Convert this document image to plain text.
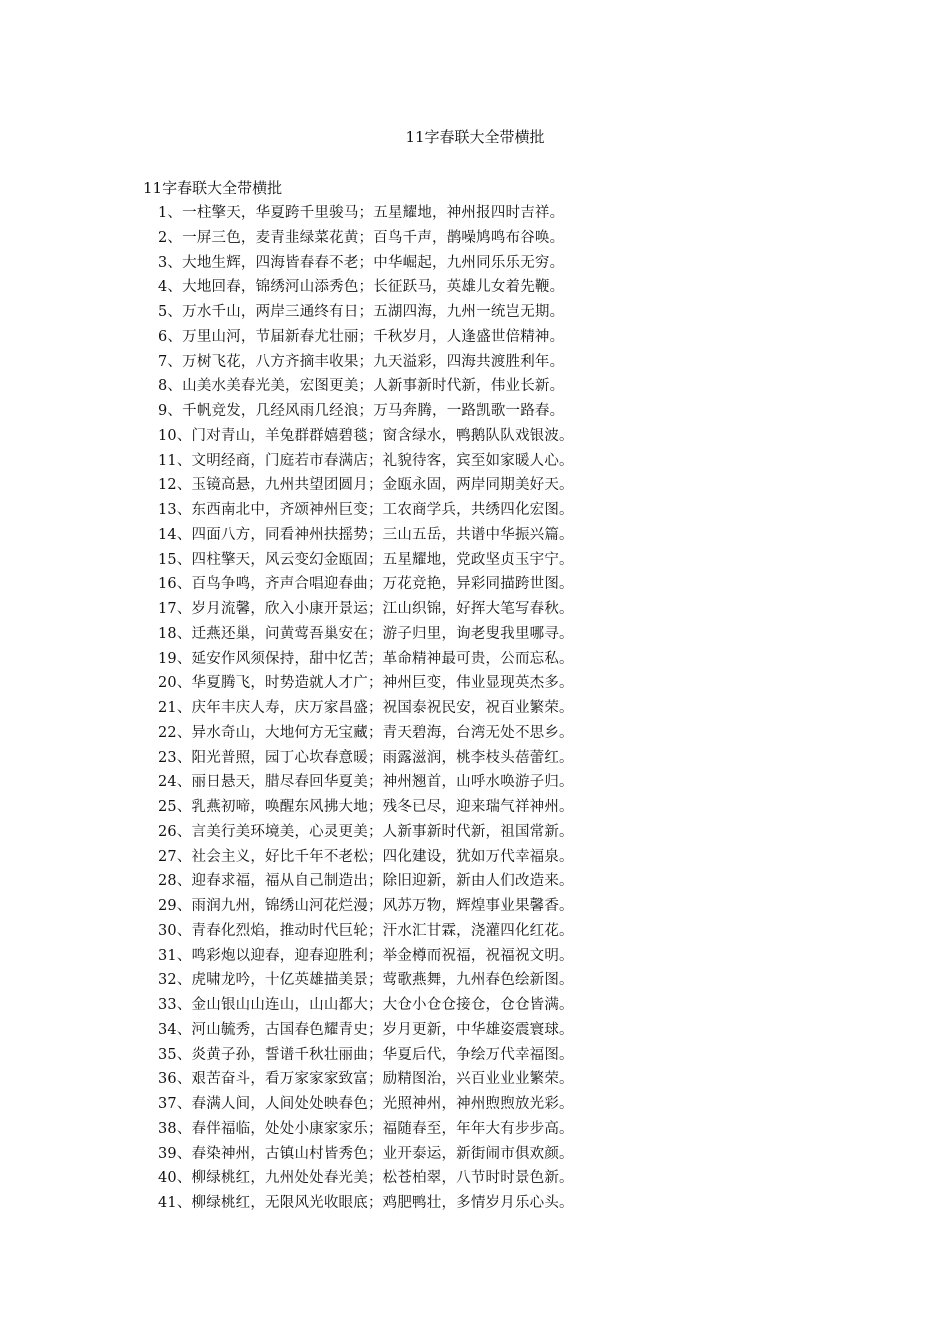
11字春联大全带横批
11字春联大全带横批
1、一柱擎天，华夏跨千里骏马；五星耀地，神州报四时吉祥。
2、一屏三色，麦青韭绿菜花黄；百鸟千声，鹊噪鸠鸣布谷唤。
3、大地生辉，四海皆春春不老；中华崛起，九州同乐乐无穷。
4、大地回春，锦绣河山添秀色；长征跃马，英雄儿女着先鞭。
5、万水千山，两岸三通终有日；五湖四海，九州一统岂无期。
6、万里山河，节届新春尤壮丽；千秋岁月，人逢盛世倍精神。
7、万树飞花，八方齐摘丰收果；九天溢彩，四海共渡胜利年。
8、山美水美春光美，宏图更美；人新事新时代新，伟业长新。
9、千帆竞发，几经风雨几经浪；万马奔腾，一路凯歌一路春。
10、门对青山，羊兔群群嬉碧毯；窗含绿水，鸭鹅队队戏银波。
11、文明经商，门庭若市春满店；礼貌待客，宾至如家暖人心。
12、玉镜高悬，九州共望团圆月；金瓯永固，两岸同期美好天。
13、东西南北中，齐颂神州巨变；工农商学兵，共绣四化宏图。
14、四面八方，同看神州扶摇势；三山五岳，共谱中华振兴篇。
15、四柱擎天，风云变幻金瓯固；五星耀地，党政坚贞玉宇宁。
16、百鸟争鸣，齐声合唱迎春曲；万花竞艳，异彩同描跨世图。
17、岁月流馨，欣入小康开景运；江山织锦，好挥大笔写春秋。
18、迁燕还巢，问黄莺吾巢安在；游子归里，询老叟我里哪寻。
19、延安作风须保持，甜中忆苦；革命精神最可贵，公而忘私。
20、华夏腾飞，时势造就人才广；神州巨变，伟业显现英杰多。
21、庆年丰庆人寿，庆万家昌盛；祝国泰祝民安，祝百业繁荣。
22、异水奇山，大地何方无宝藏；青天碧海，台湾无处不思乡。
23、阳光普照，园丁心坎春意暖；雨露滋润，桃李枝头蓓蕾红。
24、丽日悬天，腊尽春回华夏美；神州翘首，山呼水唤游子归。
25、乳燕初啼，唤醒东风拂大地；残冬已尽，迎来瑞气祥神州。
26、言美行美环境美，心灵更美；人新事新时代新，祖国常新。
27、社会主义，好比千年不老松；四化建设，犹如万代幸福泉。
28、迎春求福，福从自己制造出；除旧迎新，新由人们改造来。
29、雨润九州，锦绣山河花烂漫；风苏万物，辉煌事业果馨香。
30、青春化烈焰，推动时代巨轮；汗水汇甘霖，浇灌四化红花。
31、鸣彩炮以迎春，迎春迎胜利；举金樽而祝福，祝福祝文明。
32、虎啸龙吟，十亿英雄描美景；莺歌燕舞，九州春色绘新图。
33、金山银山山连山，山山都大；大仓小仓仓接仓，仓仓皆满。
34、河山毓秀，古国春色耀青史；岁月更新，中华雄姿震寰球。
35、炎黄子孙，誓谱千秋壮丽曲；华夏后代，争绘万代幸福图。
36、艰苦奋斗，看万家家家致富；励精图治，兴百业业业繁荣。
37、春满人间，人间处处映春色；光照神州，神州煦煦放光彩。
38、春伴福临，处处小康家家乐；福随春至，年年大有步步高。
39、春染神州，古镇山村皆秀色；业开泰运，新街闹市俱欢颜。
40、柳绿桃红，九州处处春光美；松苍柏翠，八节时时景色新。
41、柳绿桃红，无限风光收眼底；鸡肥鸭壮，多情岁月乐心头。
